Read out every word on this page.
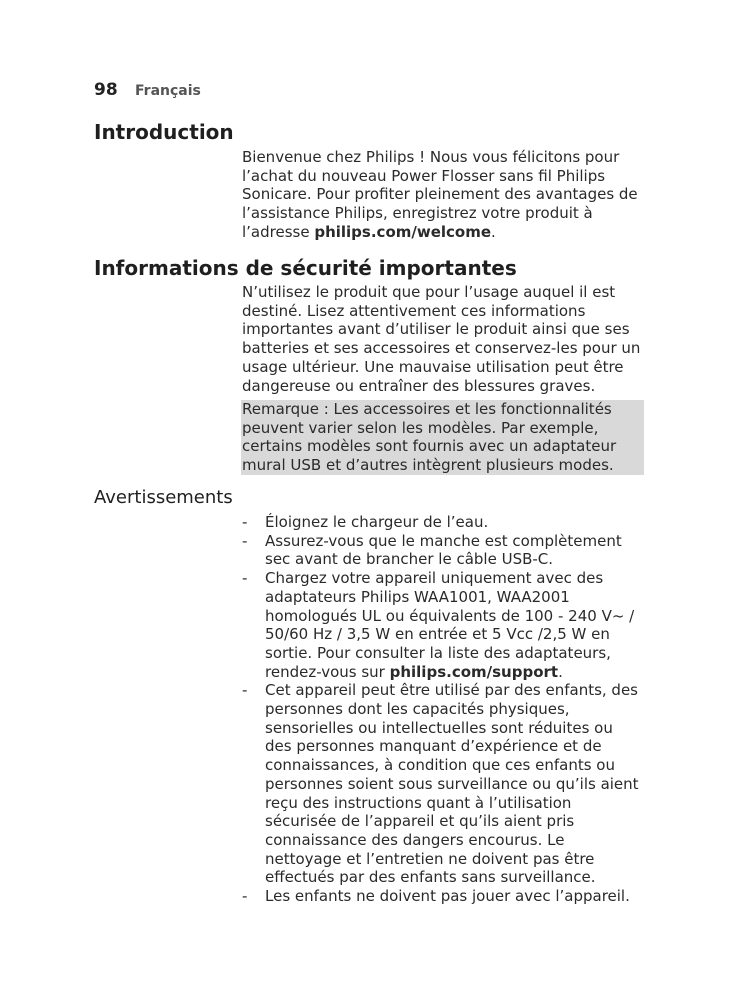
98 Français
Introduction

Bienvenue chez Philips ! Nous vous félicitons pour l’achat du nouveau Power Flosser sans fil Philips Sonicare. Pour profiter pleinement des avantages de l’assistance Philips, enregistrez votre produit à l’adresse philips.com/welcome.

Informations de sécurité importantes

N’utilisez le produit que pour l’usage auquel il est destiné. Lisez attentivement ces informations importantes avant d’utiliser le produit ainsi que ses batteries et ses accessoires et conservez-les pour un usage ultérieur. Une mauvaise utilisation peut être dangereuse ou entraîner des blessures graves.

Remarque : Les accessoires et les fonctionnalités peuvent varier selon les modèles. Par exemple, certains modèles sont fournis avec un adaptateur mural USB et d’autres intègrent plusieurs modes.
Avertissements
- Éloignez le chargeur de l’eau.
- Assurez-vous que le manche est complètement sec avant de brancher le câble USB-C.
- Chargez votre appareil uniquement avec des adaptateurs Philips WAA1001, WAA2001 homologués UL ou équivalents de 100 - 240 V~ / 50/60 Hz / 3,5 W en entrée et 5 Vcc /2,5 W en sortie. Pour consulter la liste des adaptateurs, rendez-vous sur philips.com/support.
- Cet appareil peut être utilisé par des enfants, des personnes dont les capacités physiques, sensorielles ou intellectuelles sont réduites ou des personnes manquant d’expérience et de connaissances, à condition que ces enfants ou personnes soient sous surveillance ou qu’ils aient reçu des instructions quant à l’utilisation sécurisée de l’appareil et qu’ils aient pris connaissance des dangers encourus. Le nettoyage et l’entretien ne doivent pas être effectués par des enfants sans surveillance.
- Les enfants ne doivent pas jouer avec l’appareil.
